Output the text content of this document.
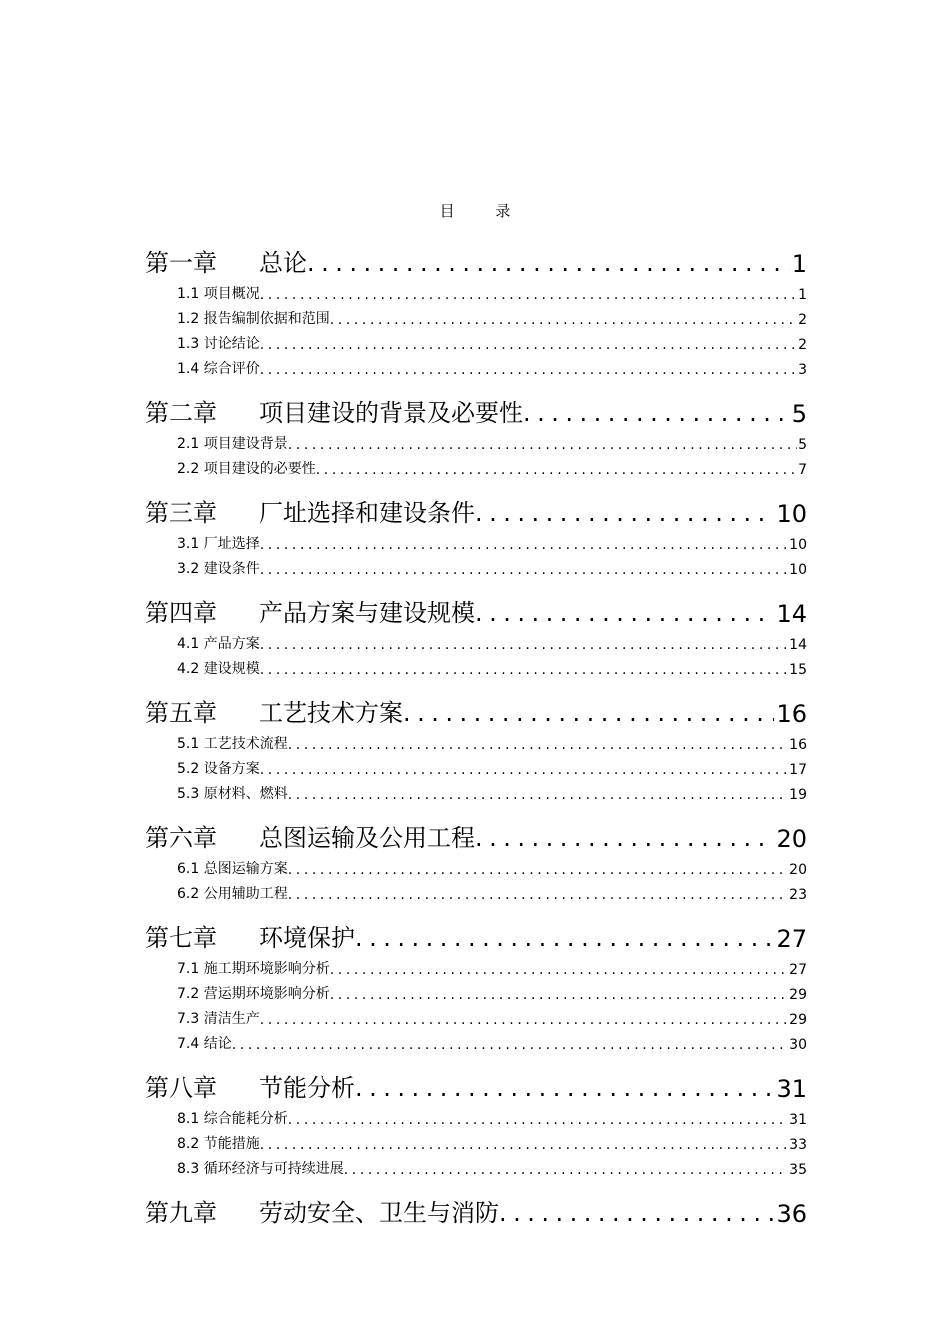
目 录
第一章 总论 .....	1
1.1 项目概况 .....	1
1.2 报告编制依据和范围 .....	2
1.3 讨论结论 .....	2
1.4 综合评价 .....	3
第二章 项目建设的背景及必要性 .....	5
2.1 项目建设背景 .....	5
2.2 项目建设的必要性 .....	7
第三章 厂址选择和建设条件 .....	10
3.1 厂址选择 .....	10
3.2 建设条件 .....	10
第四章 产品方案与建设规模 .....	14
4.1 产品方案 .....	14
4.2 建设规模 .....	15
第五章 工艺技术方案 .....	16
5.1 工艺技术流程 .....	16
5.2 设备方案 .....	17
5.3 原材料、燃料 .....	19
第六章 总图运输及公用工程 .....	20
6.1 总图运输方案 .....	20
6.2 公用辅助工程 .....	23
第七章 环境保护 .....	27
7.1 施工期环境影响分析 .....	27
7.2 营运期环境影响分析 .....	29
7.3 清洁生产 .....	29
7.4 结论 .....	30
第八章 节能分析 .....	31
8.1 综合能耗分析 .....	31
8.2 节能措施 .....	33
8.3 循环经济与可持续进展 .....	35
第九章 劳动安全、卫生与消防 .....	36
